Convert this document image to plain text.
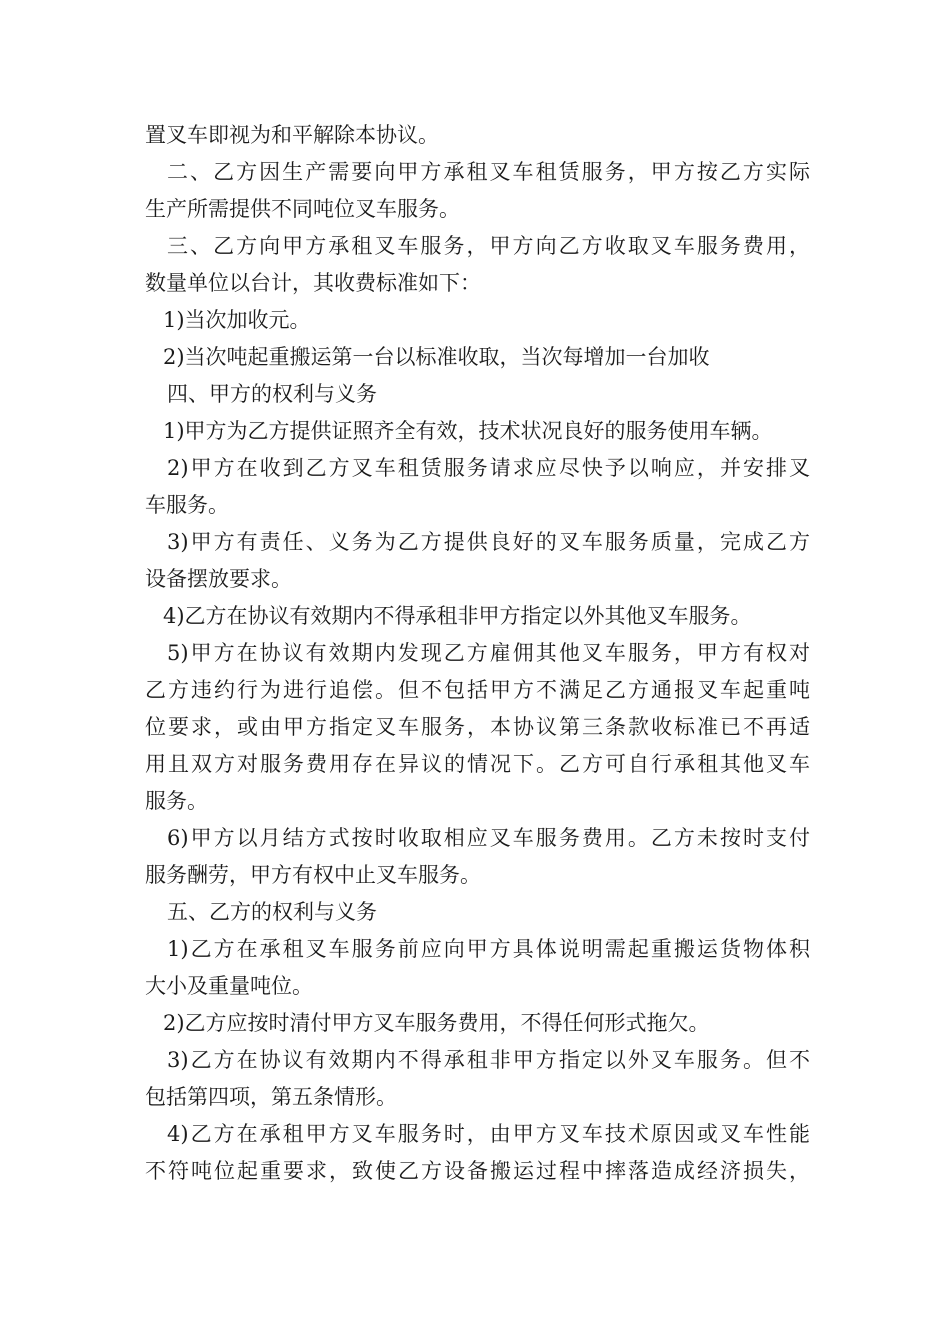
置叉车即视为和平解除本协议。
二、乙方因生产需要向甲方承租叉车租赁服务，甲方按乙方实际
生产所需提供不同吨位叉车服务。
三、乙方向甲方承租叉车服务，甲方向乙方收取叉车服务费用，
数量单位以台计，其收费标准如下：
1)当次加收元。
2)当次吨起重搬运第一台以标准收取，当次每增加一台加收
四、甲方的权利与义务
1)甲方为乙方提供证照齐全有效，技术状况良好的服务使用车辆。
2)甲方在收到乙方叉车租赁服务请求应尽快予以响应，并安排叉
车服务。
3)甲方有责任、义务为乙方提供良好的叉车服务质量，完成乙方
设备摆放要求。
4)乙方在协议有效期内不得承租非甲方指定以外其他叉车服务。
5)甲方在协议有效期内发现乙方雇佣其他叉车服务，甲方有权对
乙方违约行为进行追偿。但不包括甲方不满足乙方通报叉车起重吨
位要求，或由甲方指定叉车服务，本协议第三条款收标准已不再适
用且双方对服务费用存在异议的情况下。乙方可自行承租其他叉车
服务。
6)甲方以月结方式按时收取相应叉车服务费用。乙方未按时支付
服务酬劳，甲方有权中止叉车服务。
五、乙方的权利与义务
1)乙方在承租叉车服务前应向甲方具体说明需起重搬运货物体积
大小及重量吨位。
2)乙方应按时清付甲方叉车服务费用，不得任何形式拖欠。
3)乙方在协议有效期内不得承租非甲方指定以外叉车服务。但不
包括第四项，第五条情形。
4)乙方在承租甲方叉车服务时，由甲方叉车技术原因或叉车性能
不符吨位起重要求，致使乙方设备搬运过程中摔落造成经济损失，
